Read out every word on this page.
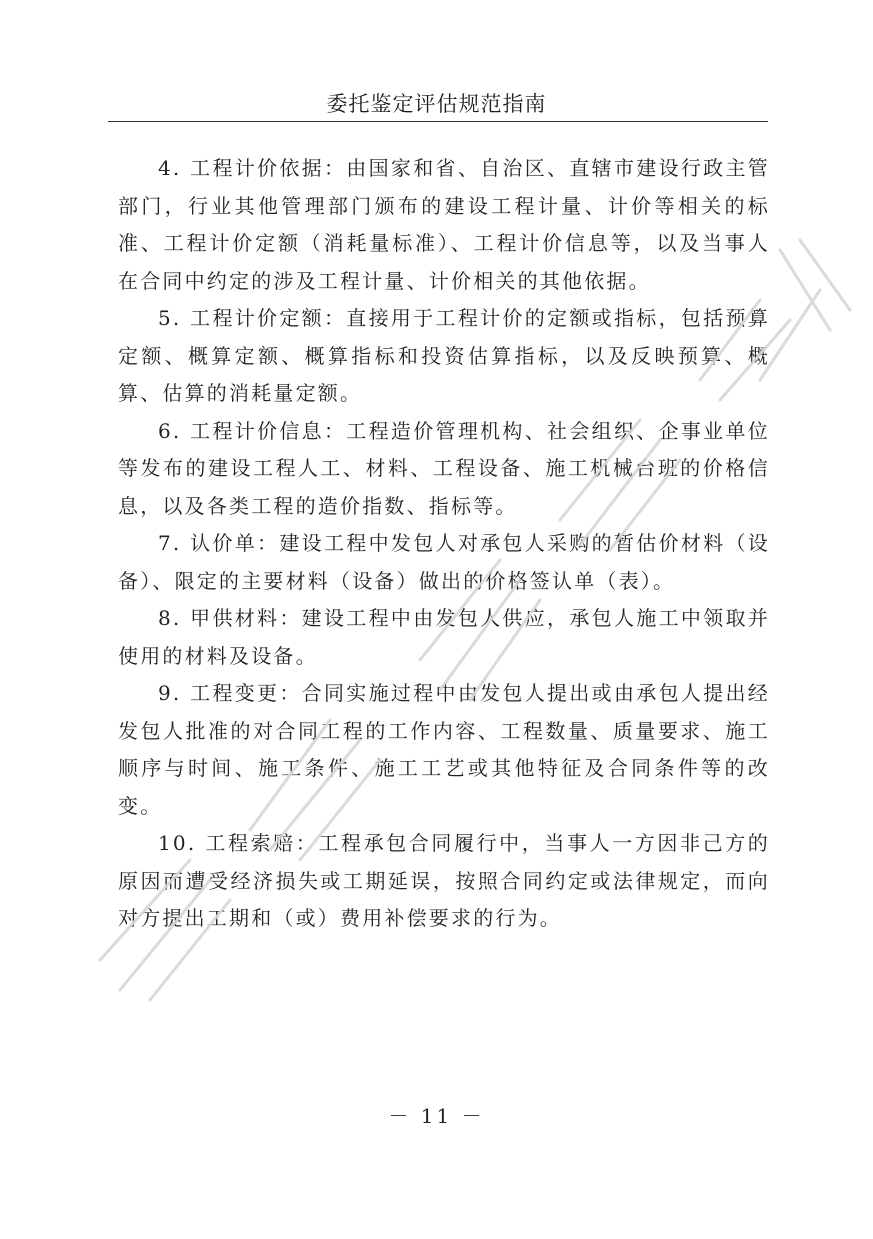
委托鉴定评估规范指南

4. 工程计价依据：由国家和省、自治区、直辖市建设行政主管部门，行业其他管理部门颁布的建设工程计量、计价等相关的标准、工程计价定额（消耗量标准）、工程计价信息等，以及当事人在合同中约定的涉及工程计量、计价相关的其他依据。

5. 工程计价定额：直接用于工程计价的定额或指标，包括预算定额、概算定额、概算指标和投资估算指标，以及反映预算、概算、估算的消耗量定额。

6. 工程计价信息：工程造价管理机构、社会组织、企事业单位等发布的建设工程人工、材料、工程设备、施工机械台班的价格信息，以及各类工程的造价指数、指标等。

7. 认价单：建设工程中发包人对承包人采购的暂估价材料（设备）、限定的主要材料（设备）做出的价格签认单（表）。

8. 甲供材料：建设工程中由发包人供应，承包人施工中领取并使用的材料及设备。

9. 工程变更：合同实施过程中由发包人提出或由承包人提出经发包人批准的对合同工程的工作内容、工程数量、质量要求、施工顺序与时间、施工条件、施工工艺或其他特征及合同条件等的改变。

10. 工程索赔：工程承包合同履行中，当事人一方因非己方的原因而遭受经济损失或工期延误，按照合同约定或法律规定，而向对方提出工期和（或）费用补偿要求的行为。

－ 11 －
